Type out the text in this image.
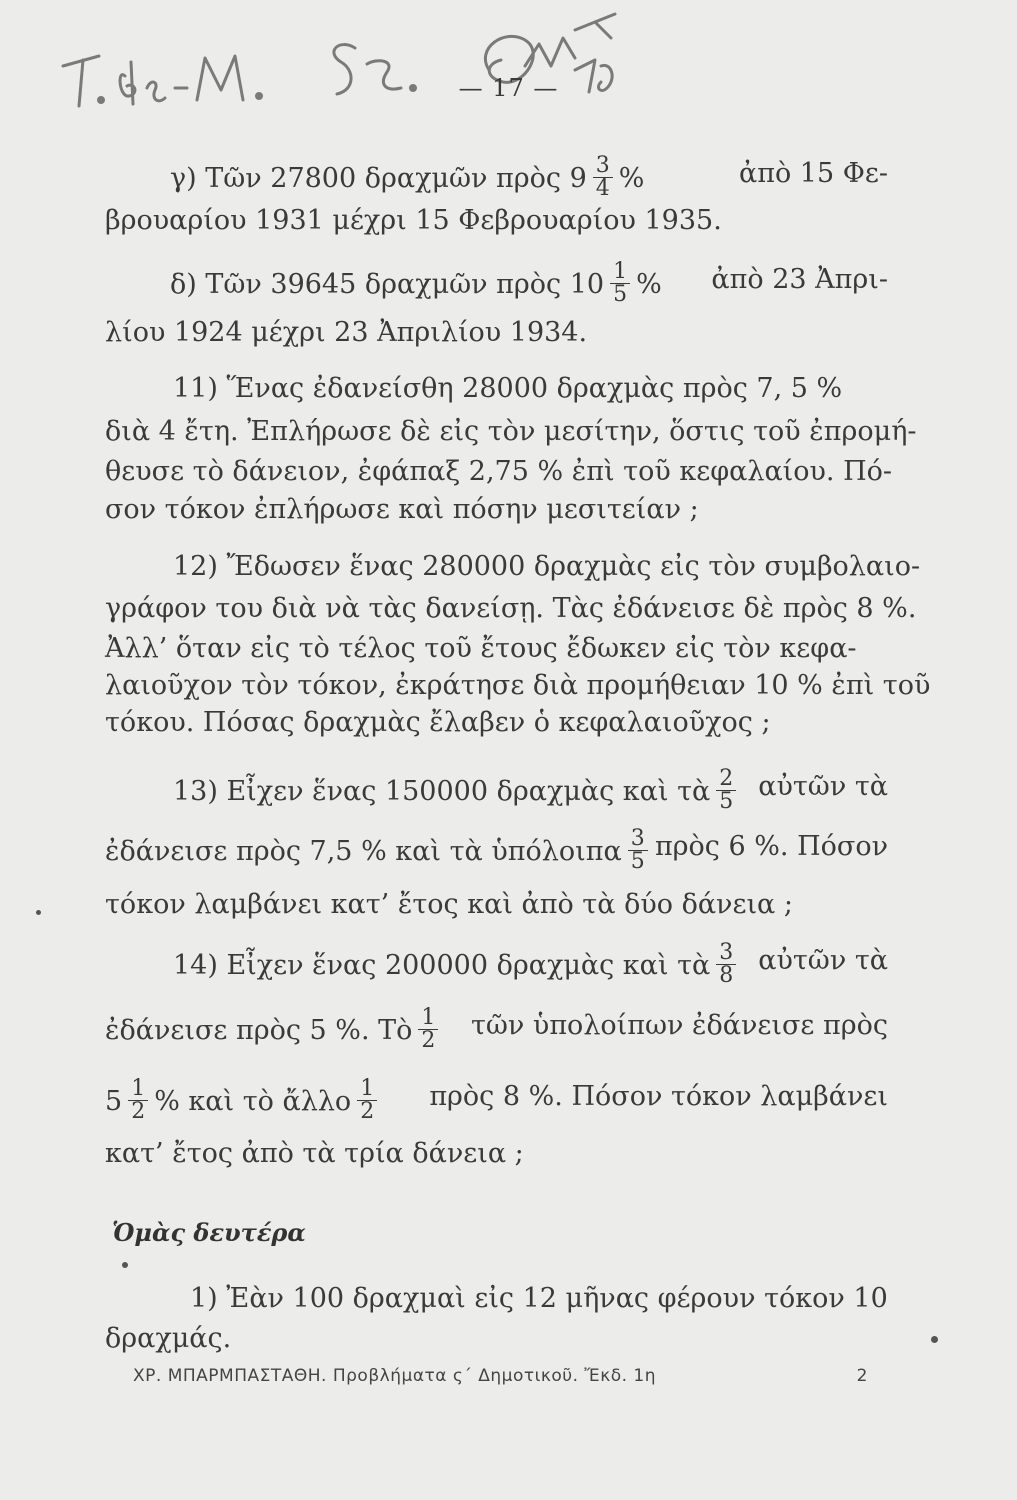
— 17 —
γ) Τῶν 27800 δραχμῶν πρὸς $9 \frac{3}{4}$ %	ἀπὸ 15 Φε-
βρουαρίου 1931 μέχρι 15 Φεβρουαρίου 1935.
δ) Τῶν 39645 δραχμῶν πρὸς $10 \frac{1}{5}$ % ἀπὸ 23 Ἀπρι-
λίου 1924 μέχρι 23 Ἀπριλίου 1934.
11) Ἕνας ἐδανείσθη 28000 δραχμὰς πρὸς 7, 5 %
διὰ 4 ἔτη. Ἐπλήρωσε δὲ εἰς τὸν μεσίτην, ὅστις τοῦ ἐπρομή-
θευσε τὸ δάνειον, ἐφάπαξ 2,75 % ἐπὶ τοῦ κεφαλαίου. Πό-
σον τόκον ἐπλήρωσε καὶ πόσην μεσιτείαν ;
12) Ἔδωσεν ἕνας 280000 δραχμὰς εἰς τὸν συμβολαιο-
γράφον του διὰ νὰ τὰς δανείσῃ. Τὰς ἐδάνεισε δὲ πρὸς 8 %.
Ἀλλ’ ὅταν εἰς τὸ τέλος τοῦ ἔτους ἔδωκεν εἰς τὸν κεφα-
λαιοῦχον τὸν τόκον, ἐκράτησε διὰ προμήθειαν 10 % ἐπὶ τοῦ
τόκου. Πόσας δραχμὰς ἔλαβεν ὁ κεφαλαιοῦχος ;
13) Εἶχεν ἕνας 150000 δραχμὰς καὶ τὰ $\frac{2}{5}$ αὐτῶν τὰ
ἐδάνεισε πρὸς 7,5 % καὶ τὰ ὑπόλοιπα $\frac{3}{5}$ πρὸς 6 %. Πόσον
τόκον λαμβάνει κατ’ ἔτος καὶ ἀπὸ τὰ δύο δάνεια ;
14) Εἶχεν ἕνας 200000 δραχμὰς καὶ τὰ $\frac{3}{8}$ αὐτῶν τὰ
ἐδάνεισε πρὸς 5 %. Τὸ $\frac{1}{2}$ τῶν ὑπολοίπων ἐδάνεισε πρὸς
$5 \frac{1}{2}$ % καὶ τὸ ἄλλο $\frac{1}{2}$ πρὸς 8 %. Πόσον τόκον λαμβάνει
κατ’ ἔτος ἀπὸ τὰ τρία δάνεια ;
Ὁμὰς δευτέρα
1) Ἐὰν 100 δραχμαὶ εἰς 12 μῆνας φέρουν τόκον 10
δραχμάς.
ΧΡ. ΜΠΑΡΜΠΑΣΤΑΘΗ. Προβλήματα ς΄ Δημοτικοῦ. Ἔκδ. 1η	2
